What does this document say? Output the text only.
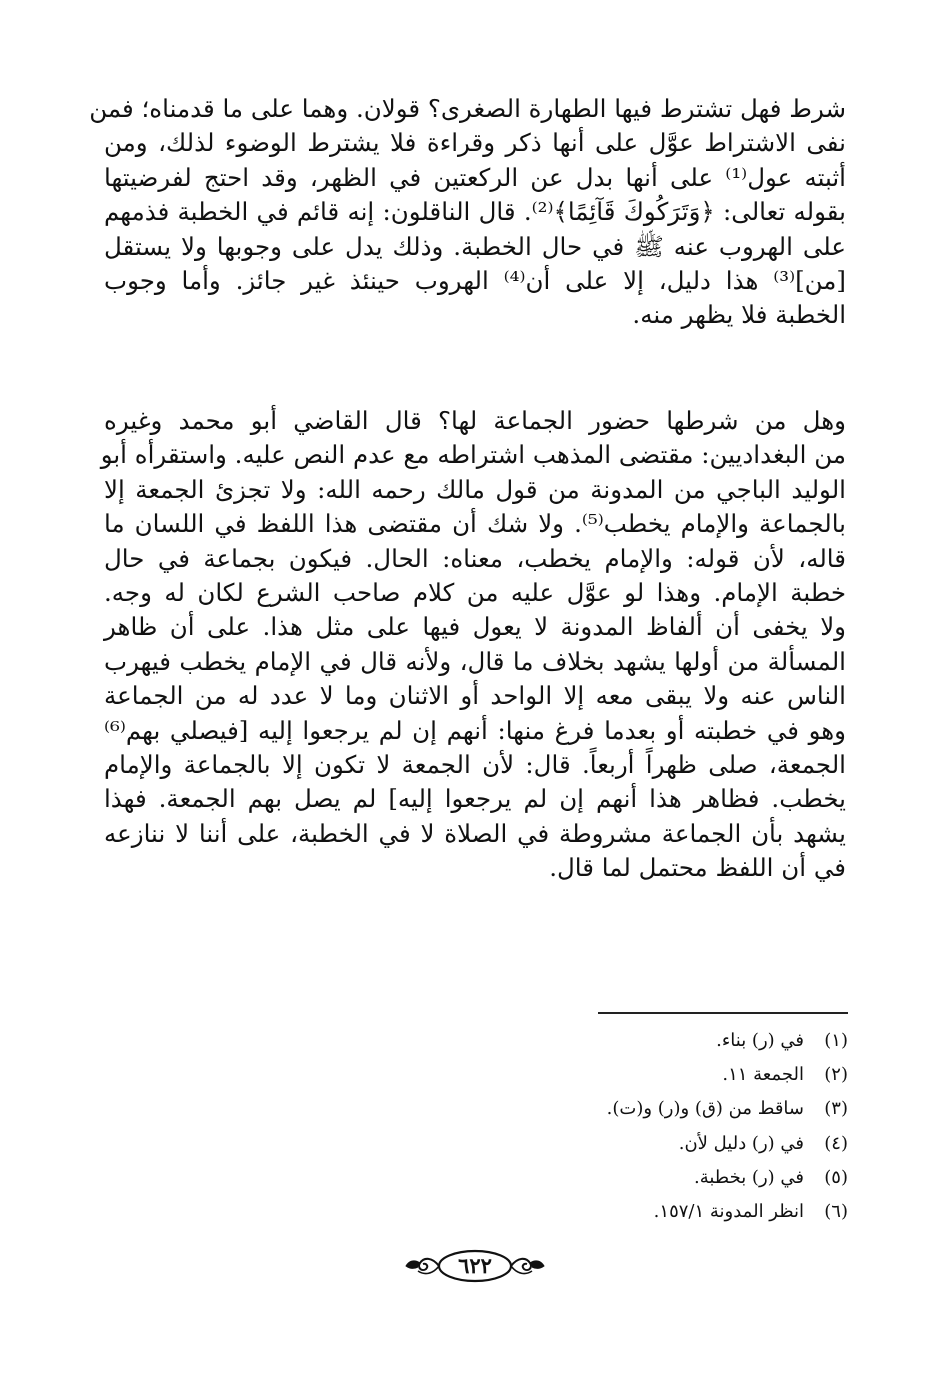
شرط فهل تشترط فيها الطهارة الصغرى؟ قولان. وهما على ما قدمناه؛ فمن
نفى الاشتراط عوَّل على أنها ذكر وقراءة فلا يشترط الوضوء لذلك، ومن
أثبته عول⁽¹⁾ على أنها بدل عن الركعتين في الظهر، وقد احتج لفرضيتها
بقوله تعالى: ﴿وَتَرَكُوكَ قَآئِمًا﴾⁽²⁾. قال الناقلون: إنه قائم في الخطبة فذمهم
على الهروب عنه ﷺ في حال الخطبة. وذلك يدل على وجوبها ولا يستقل
[من]⁽³⁾ هذا دليل، إلا على أن⁽⁴⁾ الهروب حينئذ غير جائز. وأما وجوب
الخطبة فلا يظهر منه.
وهل من شرطها حضور الجماعة لها؟ قال القاضي أبو محمد وغيره
من البغداديين: مقتضى المذهب اشتراطه مع عدم النص عليه. واستقرأه أبو
الوليد الباجي من المدونة من قول مالك رحمه الله: ولا تجزئ الجمعة إلا
بالجماعة والإمام يخطب⁽⁵⁾. ولا شك أن مقتضى هذا اللفظ في اللسان ما
قاله، لأن قوله: والإمام يخطب، معناه: الحال. فيكون بجماعة في حال
خطبة الإمام. وهذا لو عوَّل عليه من كلام صاحب الشرع لكان له وجه.
ولا يخفى أن ألفاظ المدونة لا يعول فيها على مثل هذا. على أن ظاهر
المسألة من أولها يشهد بخلاف ما قال، ولأنه قال في الإمام يخطب فيهرب
الناس عنه ولا يبقى معه إلا الواحد أو الاثنان وما لا عدد له من الجماعة
وهو في خطبته أو بعدما فرغ منها: أنهم إن لم يرجعوا إليه [فيصلي بهم⁽⁶⁾
الجمعة، صلى ظهراً أربعاً. قال: لأن الجمعة لا تكون إلا بالجماعة والإمام
يخطب. فظاهر هذا أنهم إن لم يرجعوا إليه] لم يصل بهم الجمعة. فهذا
يشهد بأن الجماعة مشروطة في الصلاة لا في الخطبة، على أننا لا ننازعه
في أن اللفظ محتمل لما قال.
(١)في (ر) بناء.
(٢)الجمعة ١١.
(٣)ساقط من (ق) و(ر) و(ت).
(٤)في (ر) دليل لأن.
(٥)في (ر) بخطبة.
(٦)انظر المدونة ١٥٧/١.
٦٢٢
